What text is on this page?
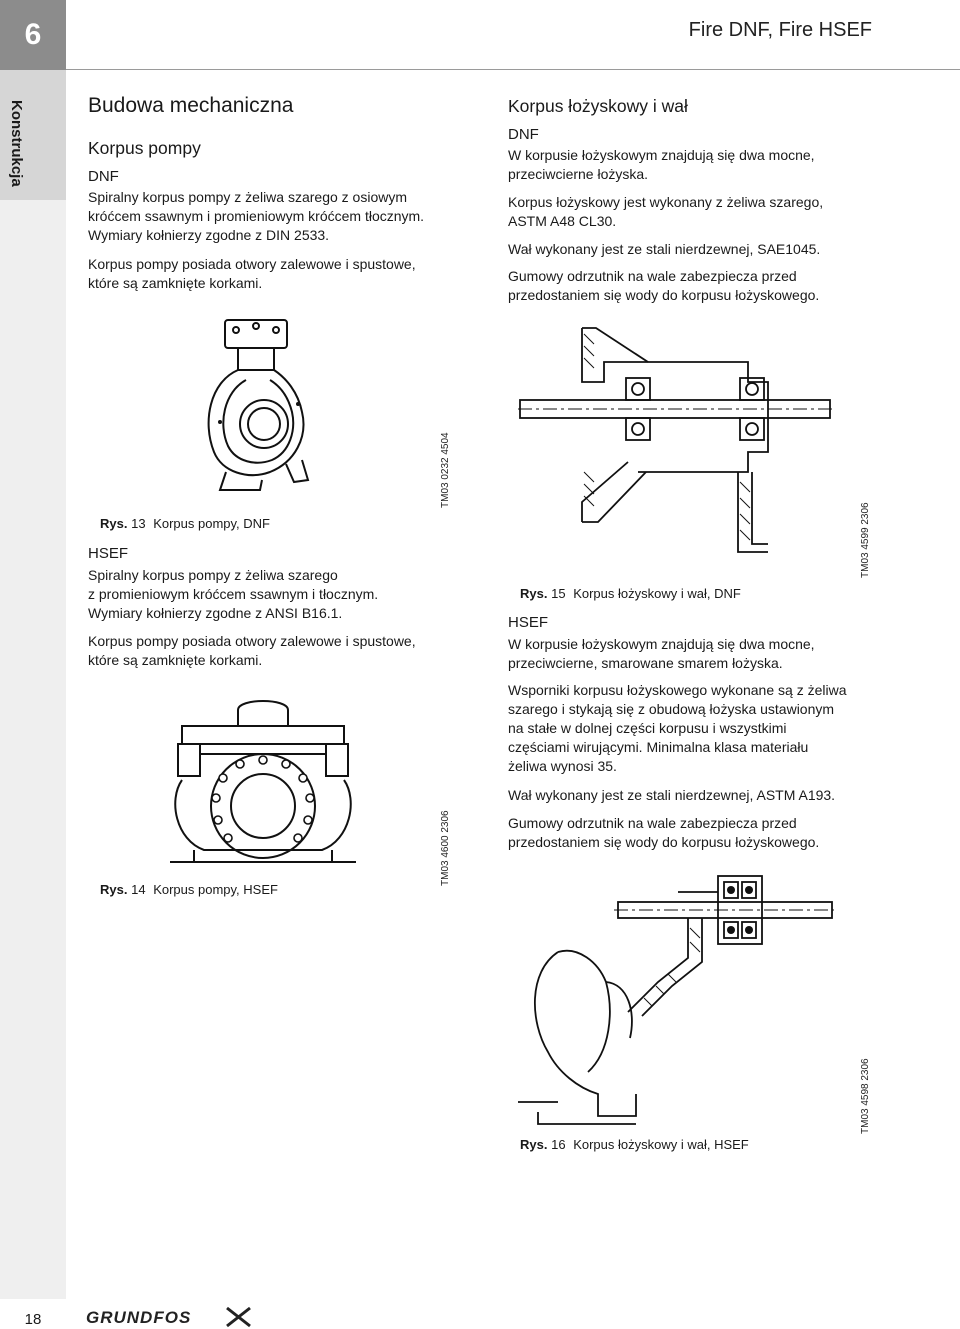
6	Fire DNF, Fire HSEF
Konstrukcja	Budowa mechaniczna
Korpus pompy
DNF
Spiralny korpus pompy z żeliwa szarego z osiowym
króćcem ssawnym i promieniowym króćcem tłocznym.
Wymiary kołnierzy zgodne z DIN 2533.
Korpus pompy posiada otwory zalewowe i spustowe,
które są zamknięte korkami.
TM03 0232 4504
Rys. 13 Korpus pompy, DNF
HSEF
Spiralny korpus pompy z żeliwa szarego
z promieniowym króćcem ssawnym i tłocznym.
Wymiary kołnierzy zgodne z ANSI B16.1.
Korpus pompy posiada otwory zalewowe i spustowe,
które są zamknięte korkami.
TM03 4600 2306
Rys. 14 Korpus pompy, HSEF
Korpus łożyskowy i wał
DNF
W korpusie łożyskowym znajdują się dwa mocne,
przeciwcierne łożyska.
Korpus łożyskowy jest wykonany z żeliwa szarego,
ASTM A48 CL30.
Wał wykonany jest ze stali nierdzewnej, SAE1045.
Gumowy odrzutnik na wale zabezpiecza przed
przedostaniem się wody do korpusu łożyskowego.
TM03 4599 2306
Rys. 15 Korpus łożyskowy i wał, DNF
HSEF
W korpusie łożyskowym znajdują się dwa mocne,
przeciwcierne, smarowane smarem łożyska.
Wsporniki korpusu łożyskowego wykonane są z żeliwa
szarego i stykają się z obudową łożyska ustawionym
na stałe w dolnej części korpusu i wszystkimi
częściami wirującymi. Minimalna klasa materiału
żeliwa wynosi 35.
Wał wykonany jest ze stali nierdzewnej, ASTM A193.
Gumowy odrzutnik na wale zabezpiecza przed
przedostaniem się wody do korpusu łożyskowego.
TM03 4598 2306
Rys. 16 Korpus łożyskowy i wał, HSEF
18	GRUNDFOS
